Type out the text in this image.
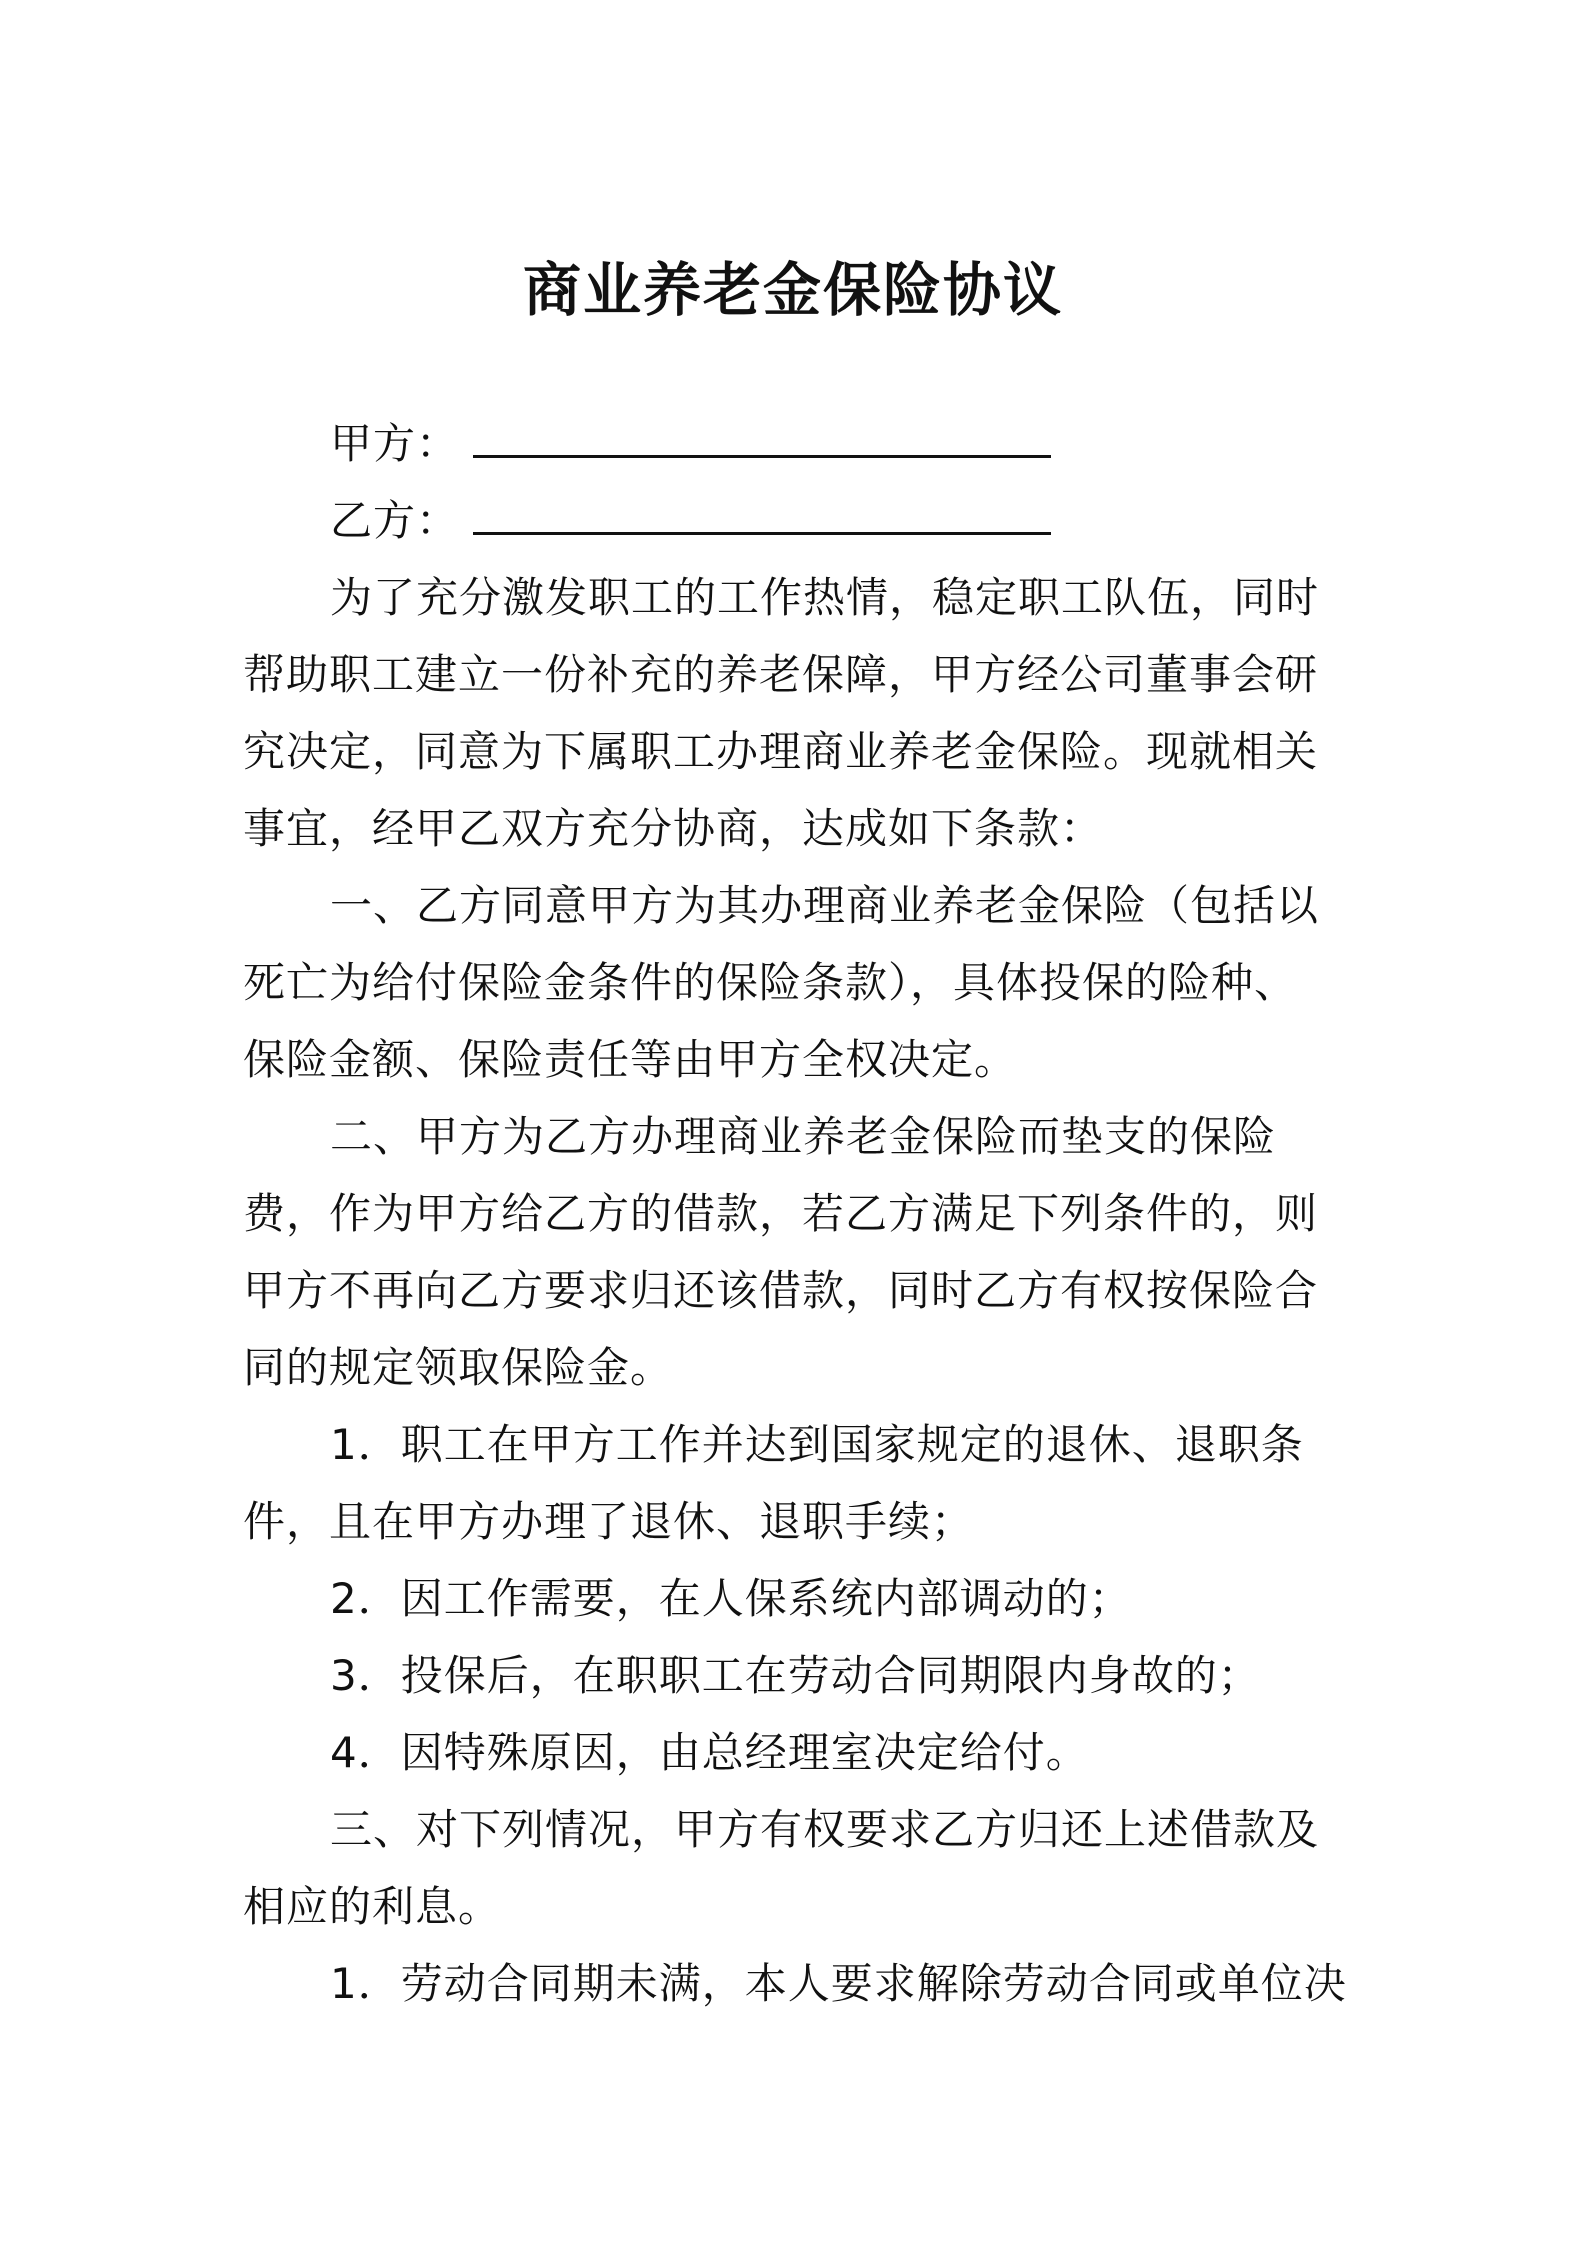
商业养老金保险协议

甲方：

乙方：

为了充分激发职工的工作热情，稳定职工队伍，同时

帮助职工建立一份补充的养老保障，甲方经公司董事会研

究决定，同意为下属职工办理商业养老金保险。现就相关

事宜，经甲乙双方充分协商，达成如下条款：

一、乙方同意甲方为其办理商业养老金保险（包括以

死亡为给付保险金条件的保险条款），具体投保的险种、

保险金额、保险责任等由甲方全权决定。

二、甲方为乙方办理商业养老金保险而垫支的保险

费，作为甲方给乙方的借款，若乙方满足下列条件的，则

甲方不再向乙方要求归还该借款，同时乙方有权按保险合

同的规定领取保险金。

1．职工在甲方工作并达到国家规定的退休、退职条

件，且在甲方办理了退休、退职手续；

2．因工作需要，在人保系统内部调动的；

3．投保后，在职职工在劳动合同期限内身故的；

4．因特殊原因，由总经理室决定给付。

三、对下列情况，甲方有权要求乙方归还上述借款及

相应的利息。

1．劳动合同期未满，本人要求解除劳动合同或单位决
